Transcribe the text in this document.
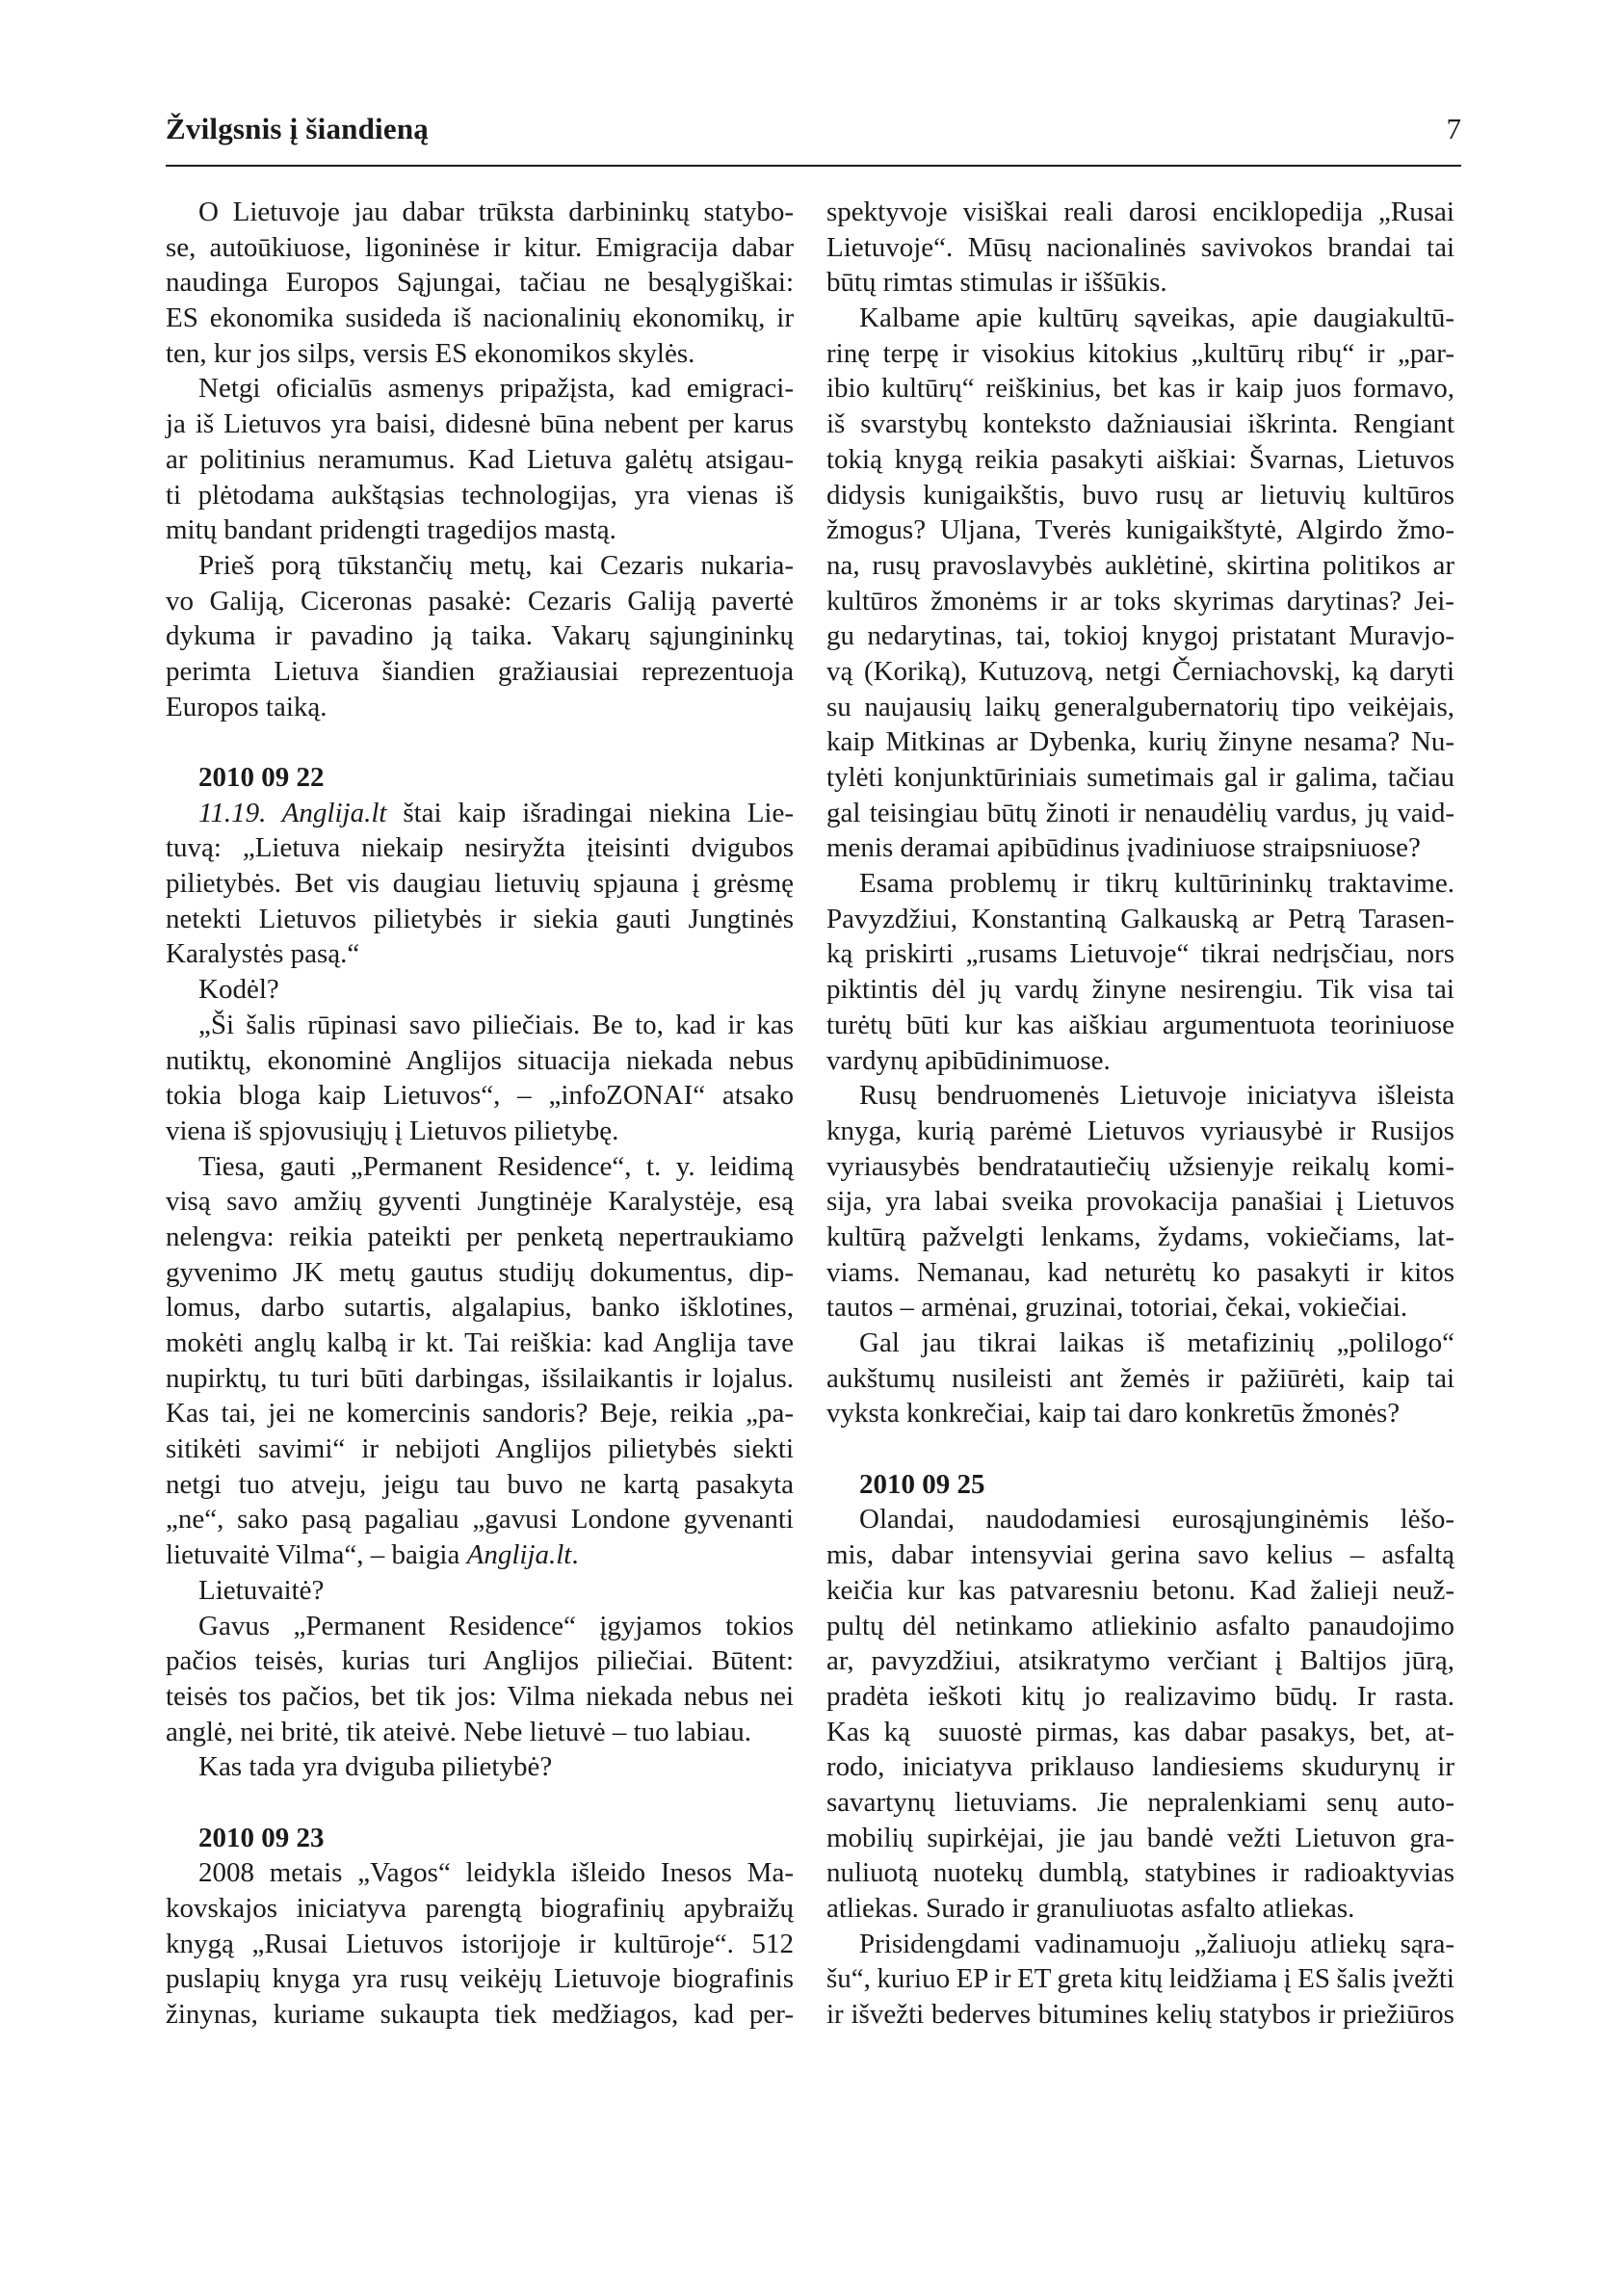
Žvilgsnis į šiandieną	7
O Lietuvoje jau dabar trūksta darbininkų statybo-
se, autoūkiuose, ligoninėse ir kitur. Emigracija dabar
naudinga Europos Sąjungai, tačiau ne besąlygiškai:
ES ekonomika susideda iš nacionalinių ekonomikų, ir
ten, kur jos silps, versis ES ekonomikos skylės.
Netgi oficialūs asmenys pripažįsta, kad emigraci-
ja iš Lietuvos yra baisi, didesnė būna nebent per karus
ar politinius neramumus. Kad Lietuva galėtų atsigau-
ti plėtodama aukštąsias technologijas, yra vienas iš
mitų bandant pridengti tragedijos mastą.
Prieš porą tūkstančių metų, kai Cezaris nukaria-
vo Galiją, Ciceronas pasakė: Cezaris Galiją pavertė
dykuma ir pavadino ją taika. Vakarų sąjungininkų
perimta Lietuva šiandien gražiausiai reprezentuoja
Europos taiką.
2010 09 22
11.19. Anglija.lt štai kaip išradingai niekina Lie-
tuvą: „Lietuva niekaip nesiryžta įteisinti dvigubos
pilietybės. Bet vis daugiau lietuvių spjauna į grėsmę
netekti Lietuvos pilietybės ir siekia gauti Jungtinės
Karalystės pasą.“
Kodėl?
„Ši šalis rūpinasi savo piliečiais. Be to, kad ir kas
nutiktų, ekonominė Anglijos situacija niekada nebus
tokia bloga kaip Lietuvos“, – „infoZONAI“ atsako
viena iš spjovusiųjų į Lietuvos pilietybę.
Tiesa, gauti „Permanent Residence“, t. y. leidimą
visą savo amžių gyventi Jungtinėje Karalystėje, esą
nelengva: reikia pateikti per penketą nepertraukiamo
gyvenimo JK metų gautus studijų dokumentus, dip-
lomus, darbo sutartis, algalapius, banko išklotines,
mokėti anglų kalbą ir kt. Tai reiškia: kad Anglija tave
nupirktų, tu turi būti darbingas, išsilaikantis ir lojalus.
Kas tai, jei ne komercinis sandoris? Beje, reikia „pa-
sitikėti savimi“ ir nebijoti Anglijos pilietybės siekti
netgi tuo atveju, jeigu tau buvo ne kartą pasakyta
„ne“, sako pasą pagaliau „gavusi Londone gyvenanti
lietuvaitė Vilma“, – baigia Anglija.lt.
Lietuvaitė?
Gavus „Permanent Residence“ įgyjamos tokios
pačios teisės, kurias turi Anglijos piliečiai. Būtent:
teisės tos pačios, bet tik jos: Vilma niekada nebus nei
anglė, nei britė, tik ateivė. Nebe lietuvė – tuo labiau.
Kas tada yra dviguba pilietybė?
2010 09 23
2008 metais „Vagos“ leidykla išleido Inesos Ma-
kovskajos iniciatyva parengtą biografinių apybraižų
knygą „Rusai Lietuvos istorijoje ir kultūroje“. 512
puslapių knyga yra rusų veikėjų Lietuvoje biografinis
žinynas, kuriame sukaupta tiek medžiagos, kad per-
spektyvoje visiškai reali darosi enciklopedija „Rusai
Lietuvoje“. Mūsų nacionalinės savivokos brandai tai
būtų rimtas stimulas ir iššūkis.
Kalbame apie kultūrų sąveikas, apie daugiakultū-
rinę terpę ir visokius kitokius „kultūrų ribų“ ir „par-
ibio kultūrų“ reiškinius, bet kas ir kaip juos formavo,
iš svarstybų konteksto dažniausiai iškrinta. Rengiant
tokią knygą reikia pasakyti aiškiai: Švarnas, Lietuvos
didysis kunigaikštis, buvo rusų ar lietuvių kultūros
žmogus? Uljana, Tverės kunigaikštytė, Algirdo žmo-
na, rusų pravoslavybės auklėtinė, skirtina politikos ar
kultūros žmonėms ir ar toks skyrimas darytinas? Jei-
gu nedarytinas, tai, tokioj knygoj pristatant Muravjo-
vą (Koriką), Kutuzovą, netgi Černiachovskį, ką daryti
su naujausių laikų generalgubernatorių tipo veikėjais,
kaip Mitkinas ar Dybenka, kurių žinyne nesama? Nu-
tylėti konjunktūriniais sumetimais gal ir galima, tačiau
gal teisingiau būtų žinoti ir nenaudėlių vardus, jų vaid-
menis deramai apibūdinus įvadiniuose straipsniuose?
Esama problemų ir tikrų kultūrininkų traktavime.
Pavyzdžiui, Konstantiną Galkauską ar Petrą Tarasen-
ką priskirti „rusams Lietuvoje“ tikrai nedrįsčiau, nors
piktintis dėl jų vardų žinyne nesirengiu. Tik visa tai
turėtų būti kur kas aiškiau argumentuota teoriniuose
vardynų apibūdinimuose.
Rusų bendruomenės Lietuvoje iniciatyva išleista
knyga, kurią parėmė Lietuvos vyriausybė ir Rusijos
vyriausybės bendratautiečių užsienyje reikalų komi-
sija, yra labai sveika provokacija panašiai į Lietuvos
kultūrą pažvelgti lenkams, žydams, vokiečiams, lat-
viams. Nemanau, kad neturėtų ko pasakyti ir kitos
tautos – armėnai, gruzinai, totoriai, čekai, vokiečiai.
Gal jau tikrai laikas iš metafizinių „polilogo“
aukštumų nusileisti ant žemės ir pažiūrėti, kaip tai
vyksta konkrečiai, kaip tai daro konkretūs žmonės?
2010 09 25
Olandai, naudodamiesi eurosąjunginėmis lėšo-
mis, dabar intensyviai gerina savo kelius – asfaltą
keičia kur kas patvaresniu betonu. Kad žalieji neuž-
pultų dėl netinkamo atliekinio asfalto panaudojimo
ar, pavyzdžiui, atsikratymo verčiant į Baltijos jūrą,
pradėta ieškoti kitų jo realizavimo būdų. Ir rasta.
Kas ką  suuostė pirmas, kas dabar pasakys, bet, at-
rodo, iniciatyva priklauso landiesiems skudurynų ir
savartynų lietuviams. Jie nepralenkiami senų auto-
mobilių supirkėjai, jie jau bandė vežti Lietuvon gra-
nuliuotą nuotekų dumblą, statybines ir radioaktyvias
atliekas. Surado ir granuliuotas asfalto atliekas.
Prisidengdami vadinamuoju „žaliuoju atliekų sąra-
šu“, kuriuo EP ir ET greta kitų leidžiama į ES šalis įvežti
ir išvežti bederves bitumines kelių statybos ir priežiūros
